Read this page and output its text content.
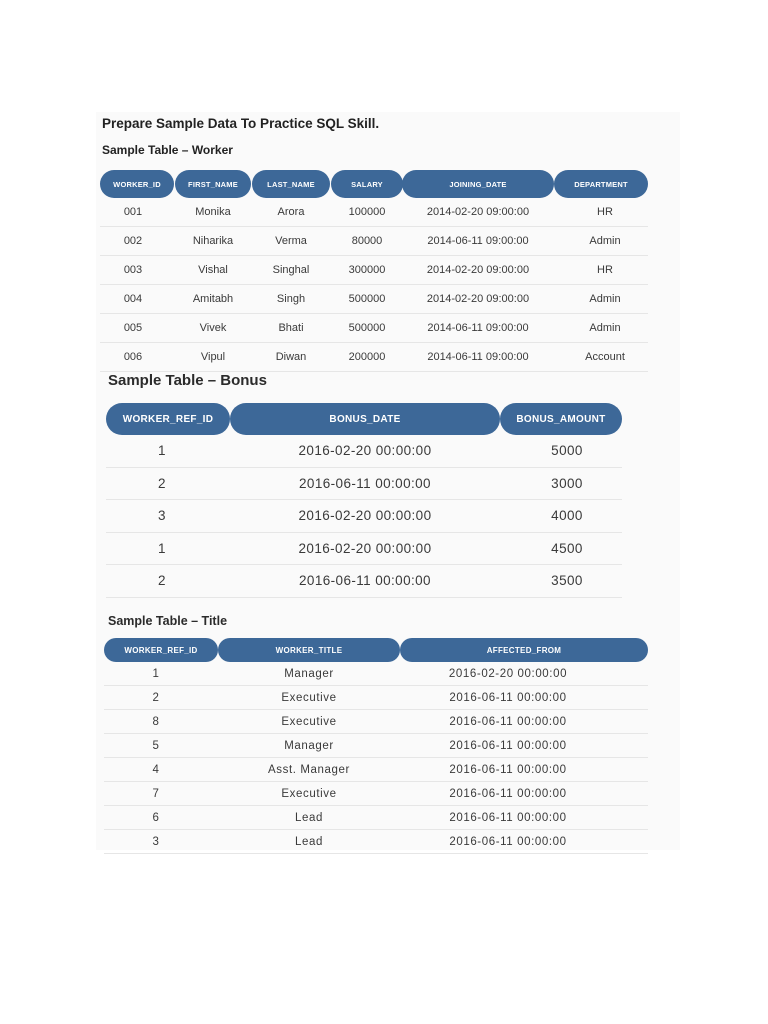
Prepare Sample Data To Practice SQL Skill.
Sample Table – Worker
WORKER_ID	FIRST_NAME	LAST_NAME	SALARY	JOINING_DATE	DEPARTMENT
001	Monika	Arora	100000	2014-02-20 09:00:00	HR
002	Niharika	Verma	80000	2014-06-11 09:00:00	Admin
003	Vishal	Singhal	300000	2014-02-20 09:00:00	HR
004	Amitabh	Singh	500000	2014-02-20 09:00:00	Admin
005	Vivek	Bhati	500000	2014-06-11 09:00:00	Admin
006	Vipul	Diwan	200000	2014-06-11 09:00:00	Account
Sample Table – Bonus
WORKER_REF_ID	BONUS_DATE	BONUS_AMOUNT
1	2016-02-20 00:00:00	5000
2	2016-06-11 00:00:00	3000
3	2016-02-20 00:00:00	4000
1	2016-02-20 00:00:00	4500
2	2016-06-11 00:00:00	3500
Sample Table – Title
WORKER_REF_ID	WORKER_TITLE	AFFECTED_FROM
1	Manager	2016-02-20 00:00:00
2	Executive	2016-06-11 00:00:00
8	Executive	2016-06-11 00:00:00
5	Manager	2016-06-11 00:00:00
4	Asst. Manager	2016-06-11 00:00:00
7	Executive	2016-06-11 00:00:00
6	Lead	2016-06-11 00:00:00
3	Lead	2016-06-11 00:00:00
